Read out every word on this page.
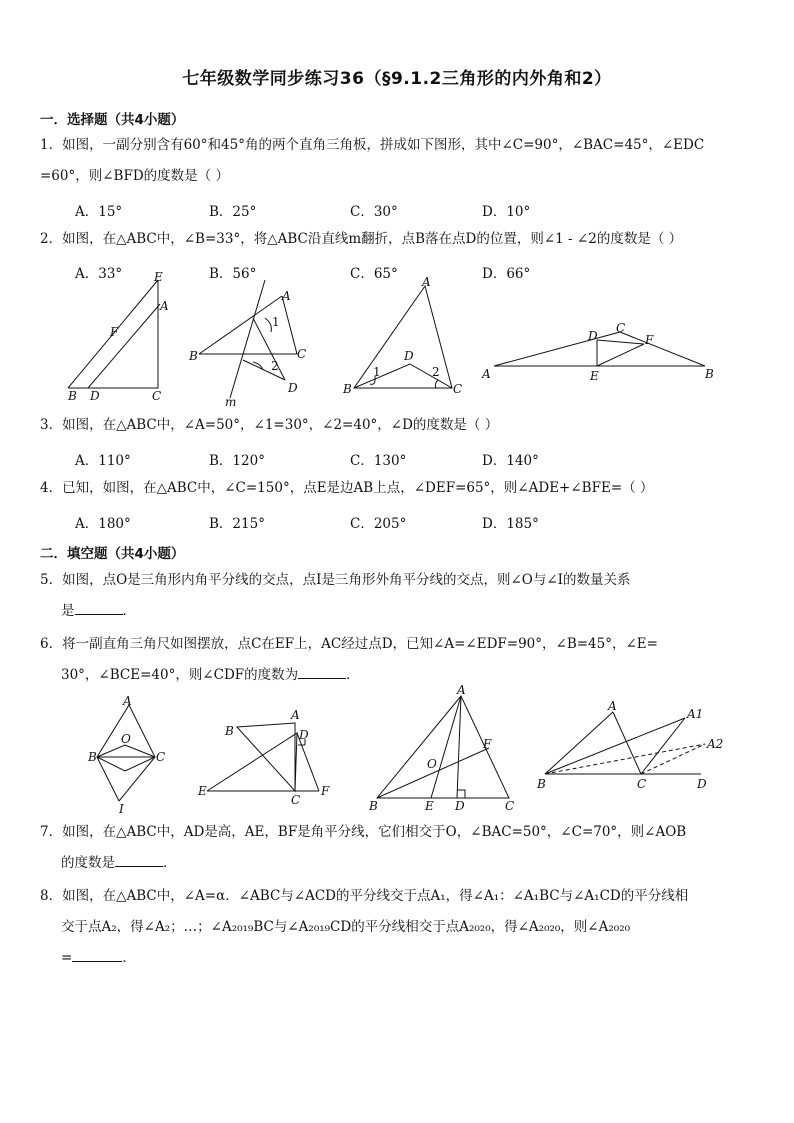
七年级数学同步练习36（§9.1.2三角形的内外角和2）
一．选择题（共4小题）
1．如图，一副分别含有60°和45°角的两个直角三角板，拼成如下图形，其中∠C=90°，∠BAC=45°，∠EDC
=60°，则∠BFD的度数是（ ）
A．15°	B．25°	C．30°	D．10°
2．如图，在△ABC中，∠B=33°，将△ABC沿直线m翻折，点B落在点D的位置，则∠1 - ∠2的度数是（ ）
A．33°	B．56°	C．65°	D．66°
E
A
F
B D	C
A
1
B	C
2
D
m
A
D
1	2
B	C
D
C
F
A	E	B
3．如图，在△ABC中，∠A=50°，∠1=30°，∠2=40°，∠D的度数是（ ）
A．110°	B．120°	C．130°	D．140°
4．已知，如图，在△ABC中，∠C=150°，点E是边AB上点，∠DEF=65°，则∠ADE+∠BFE=（ ）
A．180°	B．215°	C．205°	D．185°
二．填空题（共4小题）
5．如图，点O是三角形内角平分线的交点，点I是三角形外角平分线的交点，则∠O与∠I的数量关系
是	．
6．将一副直角三角尺如图摆放，点C在EF上，AC经过点D，已知∠A=∠EDF=90°，∠B=45°，∠E=
30°，∠BCE=40°，则∠CDF的度数为	．
A
O
B	C
I
B
A
D
E
C
F
A
F
O
B	E D	C
A
A1
A2
B	C	D
7．如图，在△ABC中，AD是高，AE，BF是角平分线，它们相交于O，∠BAC=50°，∠C=70°，则∠AOB
的度数是	．
8．如图，在△ABC中，∠A=α．∠ABC与∠ACD的平分线交于点A₁，得∠A₁：∠A₁BC与∠A₁CD的平分线相
交于点A₂，得∠A₂；…；∠A₂₀₁₉BC与∠A₂₀₁₉CD的平分线相交于点A₂₀₂₀，得∠A₂₀₂₀，则∠A₂₀₂₀
=	．
